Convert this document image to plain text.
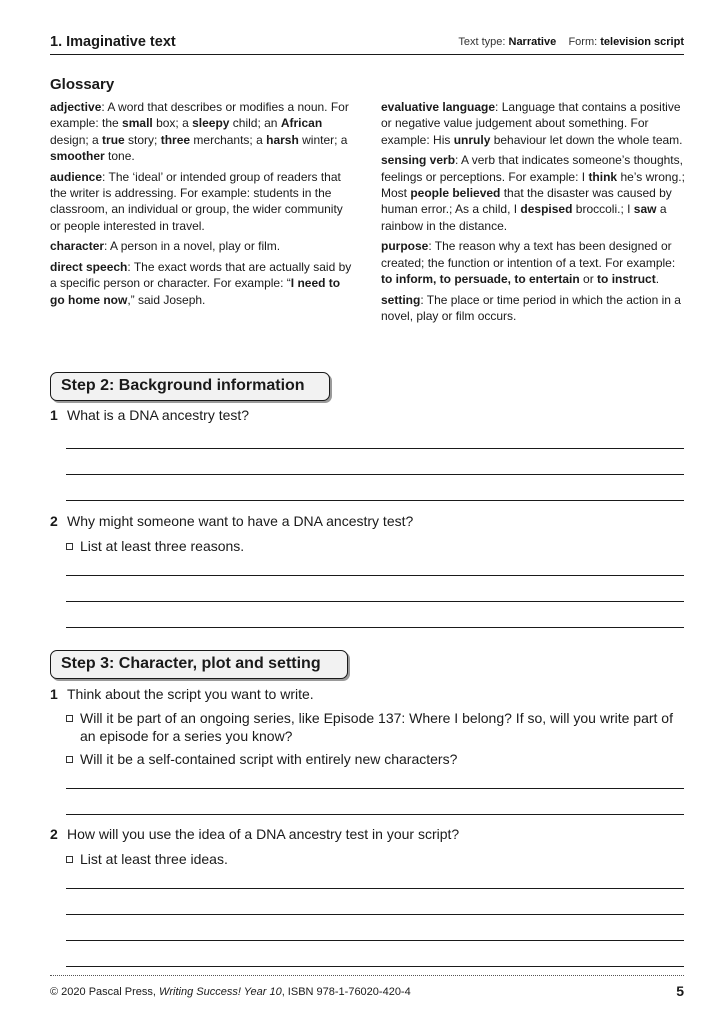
1. Imaginative text	Text type: Narrative Form: television script
Glossary

adjective: A word that describes or modifies a noun. For example: the small box; a sleepy child; an African design; a true story; three merchants; a harsh winter; a smoother tone.

audience: The ‘ideal’ or intended group of readers that the writer is addressing. For example: students in the classroom, an individual or group, the wider community or people interested in travel.

character: A person in a novel, play or film.

direct speech: The exact words that are actually said by a specific person or character. For example: “I need to go home now,” said Joseph.

evaluative language: Language that contains a positive or negative value judgement about something. For example: His unruly behaviour let down the whole team.

sensing verb: A verb that indicates someone’s thoughts, feelings or perceptions. For example: I think he’s wrong.; Most people believed that the disaster was caused by human error.; As a child, I despised broccoli.; I saw a rainbow in the distance.

purpose: The reason why a text has been designed or created; the function or intention of a text. For example: to inform, to persuade, to entertain or to instruct.

setting: The place or time period in which the action in a novel, play or film occurs.

Step 2: Background information
1 What is a DNA ancestry test?
2 Why might someone want to have a DNA ancestry test?
List at least three reasons.
Step 3: Character, plot and setting
1 Think about the script you want to write.
Will it be part of an ongoing series, like Episode 137: Where I belong? If so, will you write part of an episode for a series you know?
Will it be a self-contained script with entirely new characters?
2 How will you use the idea of a DNA ancestry test in your script?
List at least three ideas.
© 2020 Pascal Press, Writing Success! Year 10, ISBN 978-1-76020-420-4	5
